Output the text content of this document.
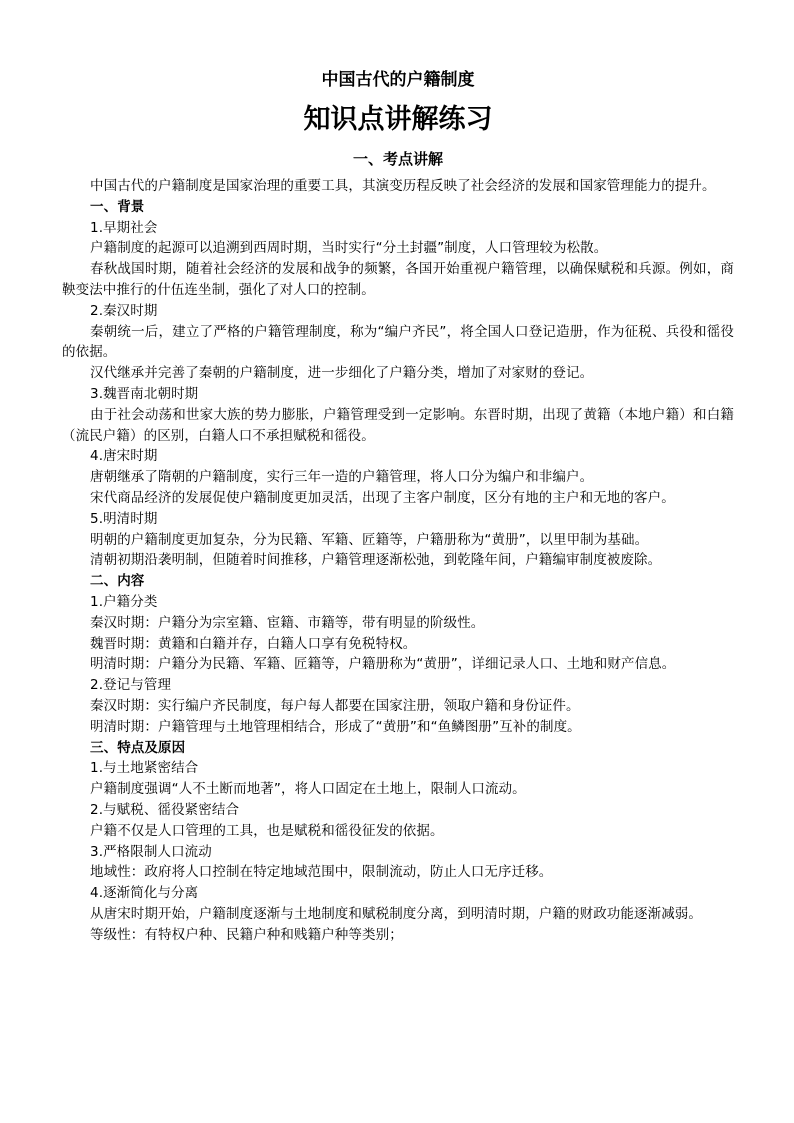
中国古代的户籍制度
知识点讲解练习
一、考点讲解

中国古代的户籍制度是国家治理的重要工具，其演变历程反映了社会经济的发展和国家管理能力的提升。

一、背景

1.早期社会

户籍制度的起源可以追溯到西周时期，当时实行“分土封疆”制度，人口管理较为松散。

春秋战国时期，随着社会经济的发展和战争的频繁，各国开始重视户籍管理，以确保赋税和兵源。例如，商鞅变法中推行的什伍连坐制，强化了对人口的控制。

2.秦汉时期

秦朝统一后，建立了严格的户籍管理制度，称为“编户齐民”，将全国人口登记造册，作为征税、兵役和徭役的依据。

汉代继承并完善了秦朝的户籍制度，进一步细化了户籍分类，增加了对家财的登记。

3.魏晋南北朝时期

由于社会动荡和世家大族的势力膨胀，户籍管理受到一定影响。东晋时期，出现了黄籍（本地户籍）和白籍（流民户籍）的区别，白籍人口不承担赋税和徭役。

4.唐宋时期

唐朝继承了隋朝的户籍制度，实行三年一造的户籍管理，将人口分为编户和非编户。

宋代商品经济的发展促使户籍制度更加灵活，出现了主客户制度，区分有地的主户和无地的客户。

5.明清时期

明朝的户籍制度更加复杂，分为民籍、军籍、匠籍等，户籍册称为“黄册”，以里甲制为基础。

清朝初期沿袭明制，但随着时间推移，户籍管理逐渐松弛，到乾隆年间，户籍编审制度被废除。

二、内容

1.户籍分类

秦汉时期：户籍分为宗室籍、宦籍、市籍等，带有明显的阶级性。

魏晋时期：黄籍和白籍并存，白籍人口享有免税特权。

明清时期：户籍分为民籍、军籍、匠籍等，户籍册称为“黄册”，详细记录人口、土地和财产信息。

2.登记与管理

秦汉时期：实行编户齐民制度，每户每人都要在国家注册，领取户籍和身份证件。

明清时期：户籍管理与土地管理相结合，形成了“黄册”和“鱼鳞图册”互补的制度。

三、特点及原因

1.与土地紧密结合

户籍制度强调“人不土断而地著”，将人口固定在土地上，限制人口流动。

2.与赋税、徭役紧密结合

户籍不仅是人口管理的工具，也是赋税和徭役征发的依据。

3.严格限制人口流动

地域性：政府将人口控制在特定地域范围中，限制流动，防止人口无序迁移。

4.逐渐简化与分离

从唐宋时期开始，户籍制度逐渐与土地制度和赋税制度分离，到明清时期，户籍的财政功能逐渐减弱。

等级性：有特权户种、民籍户种和贱籍户种等类别；
